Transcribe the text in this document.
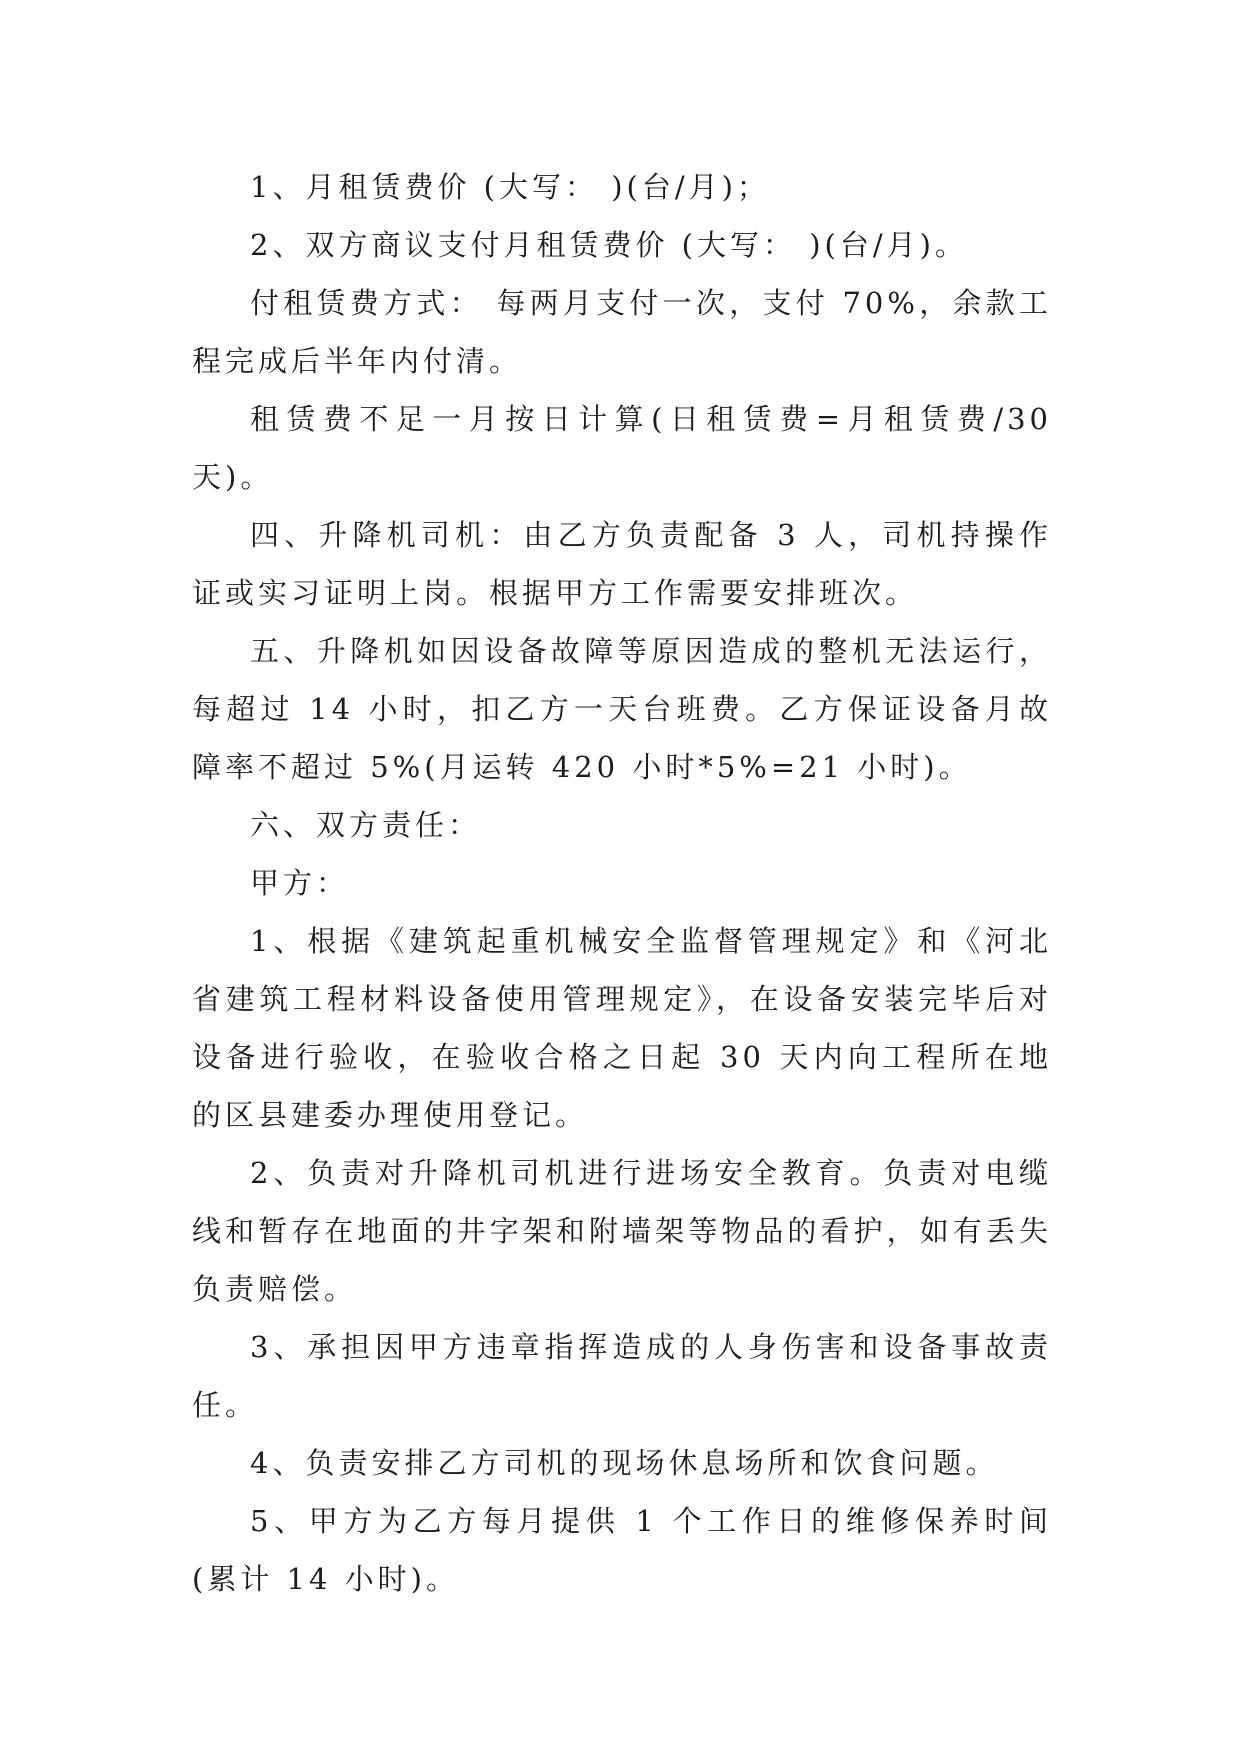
1、月租赁费价 (大写： )(台/月)；

2、双方商议支付月租赁费价 (大写： )(台/月)。

付租赁费方式： 每两月支付一次，支付 70%，余款工程完成后半年内付清。

租赁费不足一月按日计算(日租赁费=月租赁费/30 天)。

四、升降机司机：由乙方负责配备 3 人，司机持操作证或实习证明上岗。根据甲方工作需要安排班次。

五、升降机如因设备故障等原因造成的整机无法运行，每超过 14 小时，扣乙方一天台班费。乙方保证设备月故障率不超过 5%(月运转 420 小时*5%=21 小时)。

六、双方责任：

甲方：

1、根据《建筑起重机械安全监督管理规定》和《河北省建筑工程材料设备使用管理规定》，在设备安装完毕后对设备进行验收，在验收合格之日起 30 天内向工程所在地的区县建委办理使用登记。

2、负责对升降机司机进行进场安全教育。负责对电缆线和暂存在地面的井字架和附墙架等物品的看护，如有丢失负责赔偿。

3、承担因甲方违章指挥造成的人身伤害和设备事故责任。

4、负责安排乙方司机的现场休息场所和饮食问题。

5、甲方为乙方每月提供 1 个工作日的维修保养时间(累计 14 小时)。
